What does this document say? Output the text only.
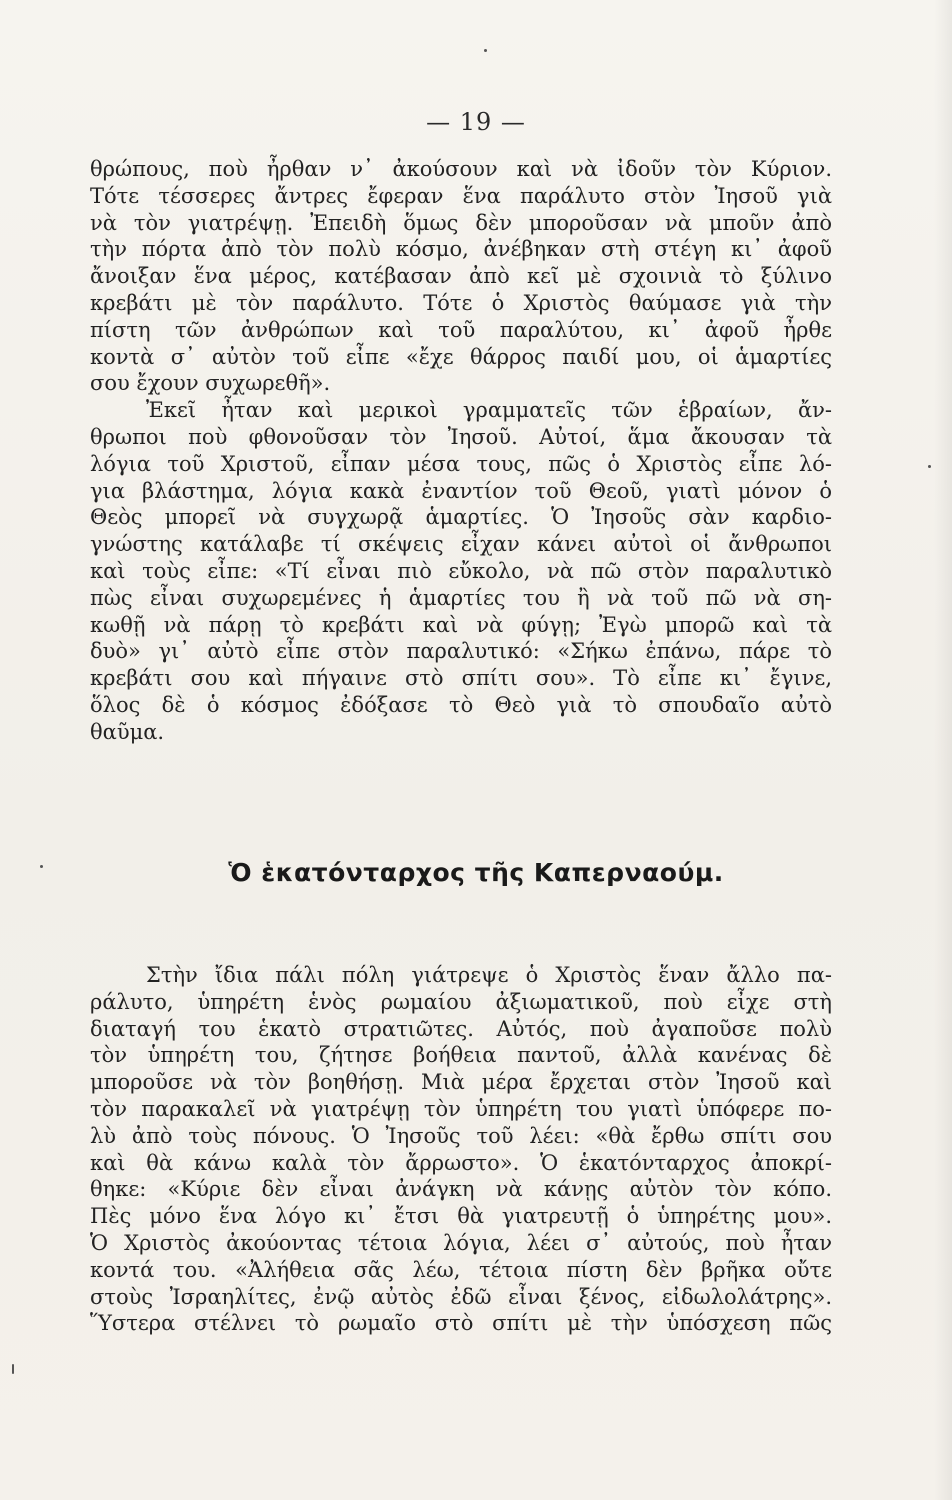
— 19 —
θρώπους, ποὺ ἦρθαν ν᾽ ἀκούσουν καὶ νὰ ἰδοῦν τὸν Κύριον.
Τότε τέσσερες ἄντρες ἔφεραν ἕνα παράλυτο στὸν Ἰησοῦ γιὰ
νὰ τὸν γιατρέψῃ. Ἐπειδὴ ὅμως δὲν μποροῦσαν νὰ μποῦν ἀπὸ
τὴν πόρτα ἀπὸ τὸν πολὺ κόσμο, ἀνέβηκαν στὴ στέγη κι᾽ ἀφοῦ
ἄνοιξαν ἕνα μέρος, κατέβασαν ἀπὸ κεῖ μὲ σχοινιὰ τὸ ξύλινο
κρεβάτι μὲ τὸν παράλυτο. Τότε ὁ Χριστὸς θαύμασε γιὰ τὴν
πίστη τῶν ἀνθρώπων καὶ τοῦ παραλύτου, κι᾽ ἀφοῦ ἦρθε
κοντὰ σ᾽ αὐτὸν τοῦ εἶπε «ἔχε θάρρος παιδί μου, οἱ ἁμαρτίες
σου ἔχουν συχωρεθῆ».
Ἐκεῖ ἦταν καὶ μερικοὶ γραμματεῖς τῶν ἑβραίων, ἄν-
θρωποι ποὺ φθονοῦσαν τὸν Ἰησοῦ. Αὐτοί, ἅμα ἄκουσαν τὰ
λόγια τοῦ Χριστοῦ, εἶπαν μέσα τους, πῶς ὁ Χριστὸς εἶπε λό-
για βλάστημα, λόγια κακὰ ἐναντίον τοῦ Θεοῦ, γιατὶ μόνον ὁ
Θεὸς μπορεῖ νὰ συγχωρᾷ ἁμαρτίες. Ὁ Ἰησοῦς σὰν καρδιο-
γνώστης κατάλαβε τί σκέψεις εἶχαν κάνει αὐτοὶ οἱ ἄνθρωποι
καὶ τοὺς εἶπε: «Τί εἶναι πιὸ εὔκολο, νὰ πῶ στὸν παραλυτικὸ
πὼς εἶναι συχωρεμένες ἡ ἁμαρτίες του ἢ νὰ τοῦ πῶ νὰ ση-
κωθῇ νὰ πάρῃ τὸ κρεβάτι καὶ νὰ φύγῃ; Ἐγὼ μπορῶ καὶ τὰ
δυὸ» γι᾽ αὐτὸ εἶπε στὸν παραλυτικό: «Σήκω ἐπάνω, πάρε τὸ
κρεβάτι σου καὶ πήγαινε στὸ σπίτι σου». Τὸ εἶπε κι᾽ ἔγινε,
ὅλος δὲ ὁ κόσμος ἐδόξασε τὸ Θεὸ γιὰ τὸ σπουδαῖο αὐτὸ
θαῦμα.
Ὁ ἑκατόνταρχος τῆς Καπερναούμ.
Στὴν ἴδια πάλι πόλη γιάτρεψε ὁ Χριστὸς ἕναν ἄλλο πα-
ράλυτο, ὑπηρέτη ἑνὸς ρωμαίου ἀξιωματικοῦ, ποὺ εἶχε στὴ
διαταγή του ἑκατὸ στρατιῶτες. Αὐτός, ποὺ ἀγαποῦσε πολὺ
τὸν ὑπηρέτη του, ζήτησε βοήθεια παντοῦ, ἀλλὰ κανένας δὲ
μποροῦσε νὰ τὸν βοηθήσῃ. Μιὰ μέρα ἔρχεται στὸν Ἰησοῦ καὶ
τὸν παρακαλεῖ νὰ γιατρέψῃ τὸν ὑπηρέτη του γιατὶ ὑπόφερε πο-
λὺ ἀπὸ τοὺς πόνους. Ὁ Ἰησοῦς τοῦ λέει: «θὰ ἔρθω σπίτι σου
καὶ θὰ κάνω καλὰ τὸν ἄρρωστο». Ὁ ἑκατόνταρχος ἀποκρί-
θηκε: «Κύριε δὲν εἶναι ἀνάγκη νὰ κάνῃς αὐτὸν τὸν κόπο.
Πὲς μόνο ἕνα λόγο κι᾽ ἔτσι θὰ γιατρευτῇ ὁ ὑπηρέτης μου».
Ὁ Χριστὸς ἀκούοντας τέτοια λόγια, λέει σ᾽ αὐτούς, ποὺ ἦταν
κοντά του. «Ἀλήθεια σᾶς λέω, τέτοια πίστη δὲν βρῆκα οὔτε
στοὺς Ἰσραηλίτες, ἐνῷ αὐτὸς ἐδῶ εἶναι ξένος, εἰδωλολάτρης».
Ὕστερα στέλνει τὸ ρωμαῖο στὸ σπίτι μὲ τὴν ὑπόσχεση πῶς
